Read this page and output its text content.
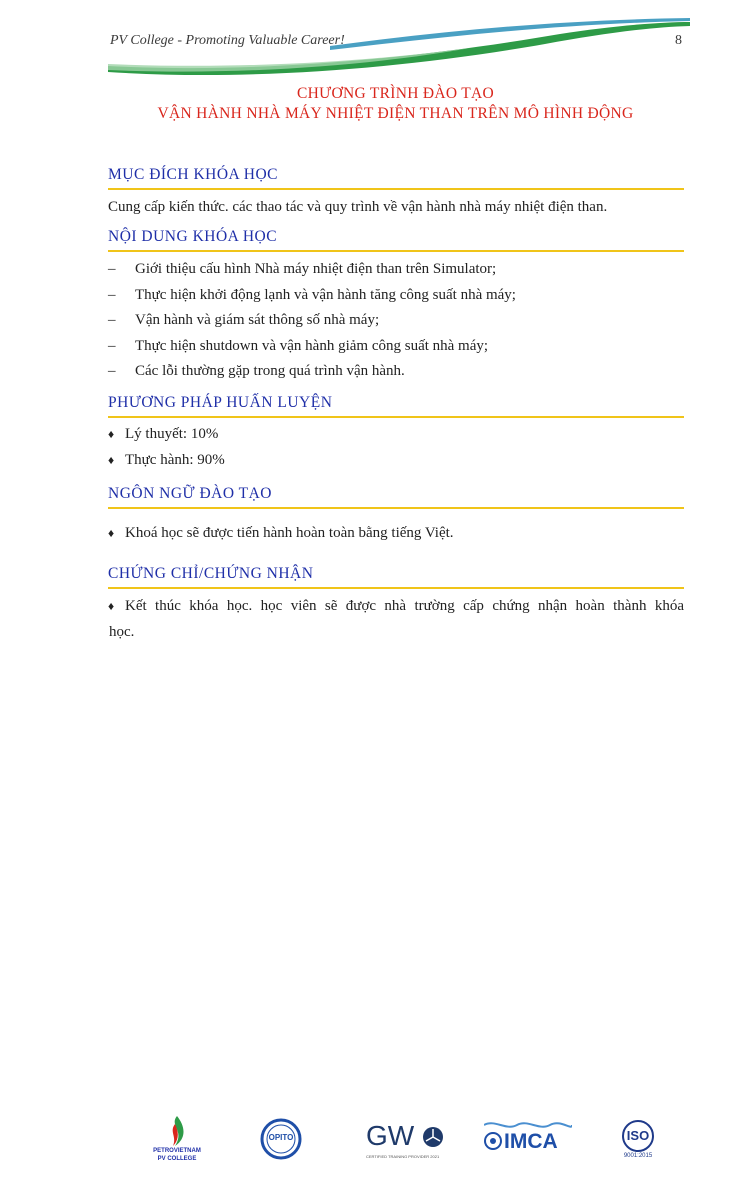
PV College - Promoting Valuable Career!	8
CHƯƠNG TRÌNH ĐÀO TẠO
VẬN HÀNH NHÀ MÁY NHIỆT ĐIỆN THAN TRÊN MÔ HÌNH ĐỘNG
MỤC ĐÍCH KHÓA HỌC
Cung cấp kiến thức. các thao tác và quy trình về vận hành nhà máy nhiệt điện than.
NỘI DUNG KHÓA HỌC
–	Giới thiệu cấu hình Nhà máy nhiệt điện than trên Simulator;
–	Thực hiện khởi động lạnh và vận hành tăng công suất nhà máy;
–	Vận hành và giám sát thông số nhà máy;
–	Thực hiện shutdown và vận hành giảm công suất nhà máy;
–	Các lỗi thường gặp trong quá trình vận hành.
PHƯƠNG PHÁP HUẤN LUYỆN
♦ Lý thuyết: 10%
♦ Thực hành: 90%
NGÔN NGỮ ĐÀO TẠO
♦ Khoá học sẽ được tiến hành hoàn toàn bằng tiếng Việt.
CHỨNG CHỈ/CHỨNG NHẬN
♦ Kết thúc khóa học. học viên sẽ được nhà trường cấp chứng nhận hoàn thành khóa
học.
PETROVIETNAM
PV COLLEGE
OPITO	GW
CERTIFIED TRAINING PROVIDER 2021
IMCA	ISO
9001:2015
